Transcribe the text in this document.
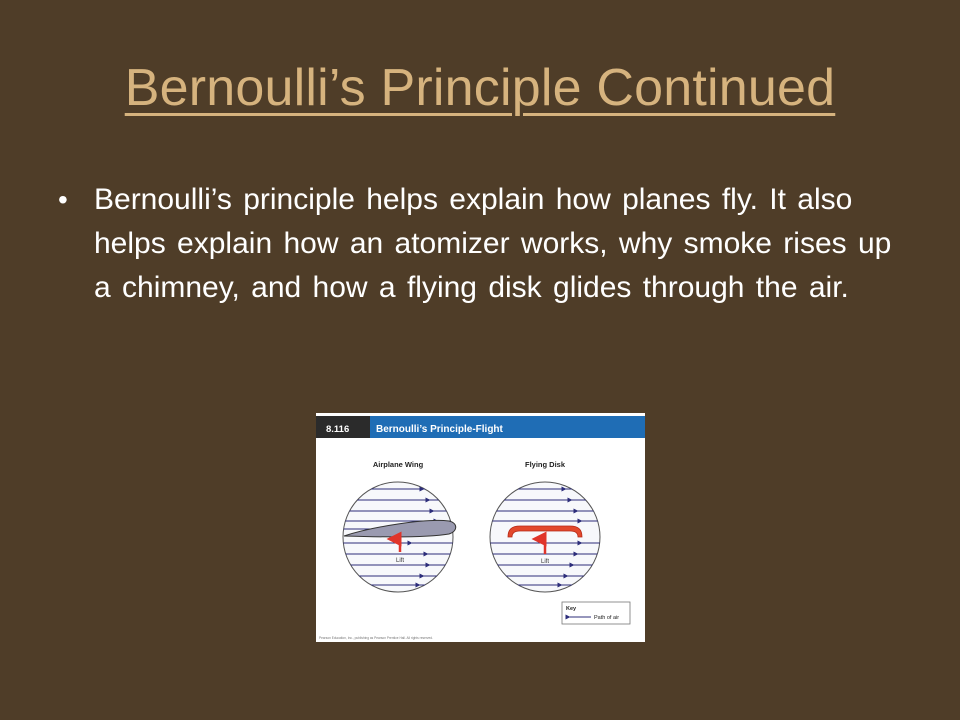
Bernoulli’s Principle Continued
• Bernoulli’s principle helps explain how planes fly. It also helps explain how an atomizer works, why smoke rises up a chimney, and how a flying disk glides through the air.
8.116	Bernoulli’s Principle-Flight
Airplane Wing	Flying Disk
Lift	Lift
Key
Path of air
Pearson Education, Inc., publishing as Pearson Prentice Hall. All rights reserved.
